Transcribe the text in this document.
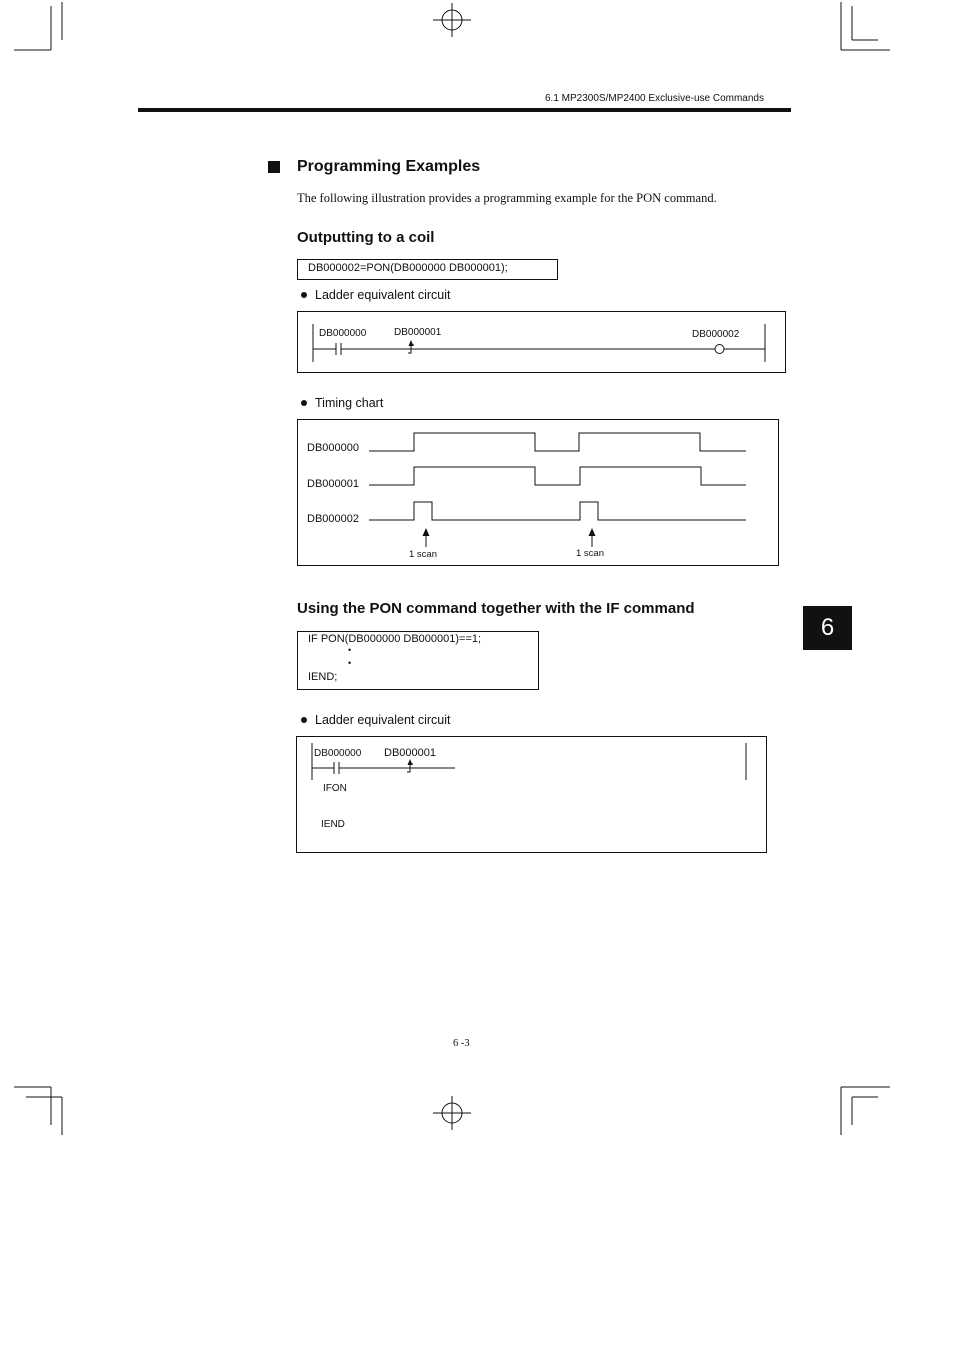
6.1 MP2300S/MP2400 Exclusive-use Commands
Programming Examples
The following illustration provides a programming example for the PON command.
Outputting to a coil
DB000002=PON(DB000000 DB000001);
Ladder equivalent circuit
DB000000	DB000001	DB000002
Timing chart
DB000000
DB000001
DB000002
1 scan	1 scan
6
Using the PON command together with the IF command
IF PON(DB000000 DB000001)==1;
•
•
IEND;
Ladder equivalent circuit
DB000000 DB000001
IFON
IEND
6 -3
